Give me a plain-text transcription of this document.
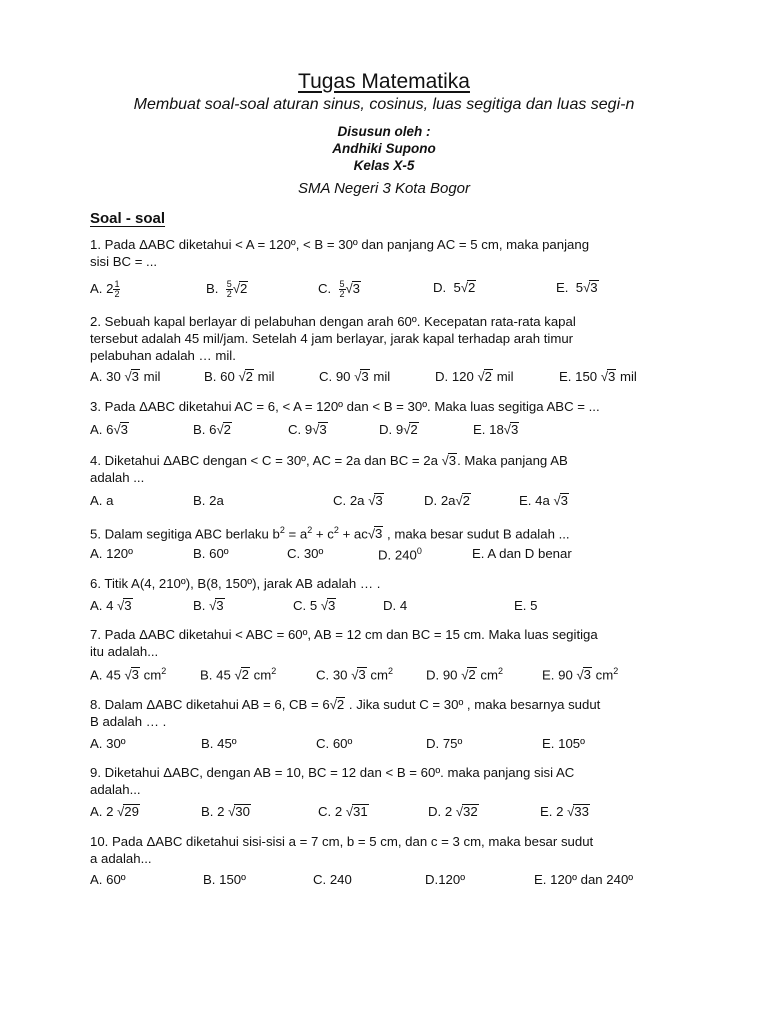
Tugas Matematika
Membuat soal-soal aturan sinus, cosinus, luas segitiga dan luas segi-n
Disusun oleh :
Andhiki Supono
Kelas X-5
SMA Negeri 3 Kota Bogor
Soal - soal
1. Pada ΔABC diketahui < A = 120º, < B = 30º dan panjang AC = 5 cm, maka panjang
sisi BC = ...
A. $2 \frac{1}{2}$	B. $\frac{5}{2} √2$	C. $\frac{5}{2} √3$	D.  5√2	E.  5√3
2. Sebuah kapal berlayar di pelabuhan dengan arah 60º. Kecepatan rata-rata kapal
tersebut adalah 45 mil/jam. Setelah 4 jam berlayar, jarak kapal terhadap arah timur
pelabuhan adalah … mil.
A. 30 √3 mil	B. 60 √2 mil	C. 90 √3 mil	D. 120 √2 mil	E. 150 √3 mil
3. Pada ΔABC diketahui AC = 6, < A = 120º dan < B = 30º. Maka luas segitiga ABC = ...
A. 6√3	B. 6√2	C. 9√3	D. 9√2	E. 18√3
4. Diketahui ΔABC dengan < C = 30º, AC = 2a dan BC = 2a √3. Maka panjang AB
adalah ...
A. a	B. 2a	C. 2a √3	D. 2a√2	E. 4a √3
5. Dalam segitiga ABC berlaku $b^2 = a^2 + c^2 + ac√3$ , maka besar sudut B adalah ...
A. 120º	B. 60º	C. 30º	D. $240^0$	E. A dan D benar
6. Titik A(4, 210º), B(8, 150º), jarak AB adalah … .
A. 4 √3	B. √3	C. 5 √3	D. 4	E. 5
7. Pada ΔABC diketahui < ABC = 60º, AB = 12 cm dan BC = 15 cm. Maka luas segitiga
itu adalah...
A. 45 √3 $cm^2$	B. 45 √2 $cm^2$	C. 30 √3 $cm^2$	D. 90 √2 $cm^2$	E. 90 √3 $cm^2$
8. Dalam ΔABC diketahui AB = 6, CB = 6√2 . Jika sudut C = 30º , maka besarnya sudut
B adalah … .
A. 30º	B. 45º	C. 60º	D. 75º	E. 105º
9. Diketahui ΔABC, dengan AB = 10, BC = 12 dan < B = 60º. maka panjang sisi AC
adalah...
A. 2 √29	B. 2 √30	C. 2 √31	D. 2 √32	E. 2 √33
10. Pada ΔABC diketahui sisi-sisi a = 7 cm, b = 5 cm, dan c = 3 cm, maka besar sudut
a adalah...
A. 60º	B. 150º	C. 240	D.120º	E. 120º dan 240º
